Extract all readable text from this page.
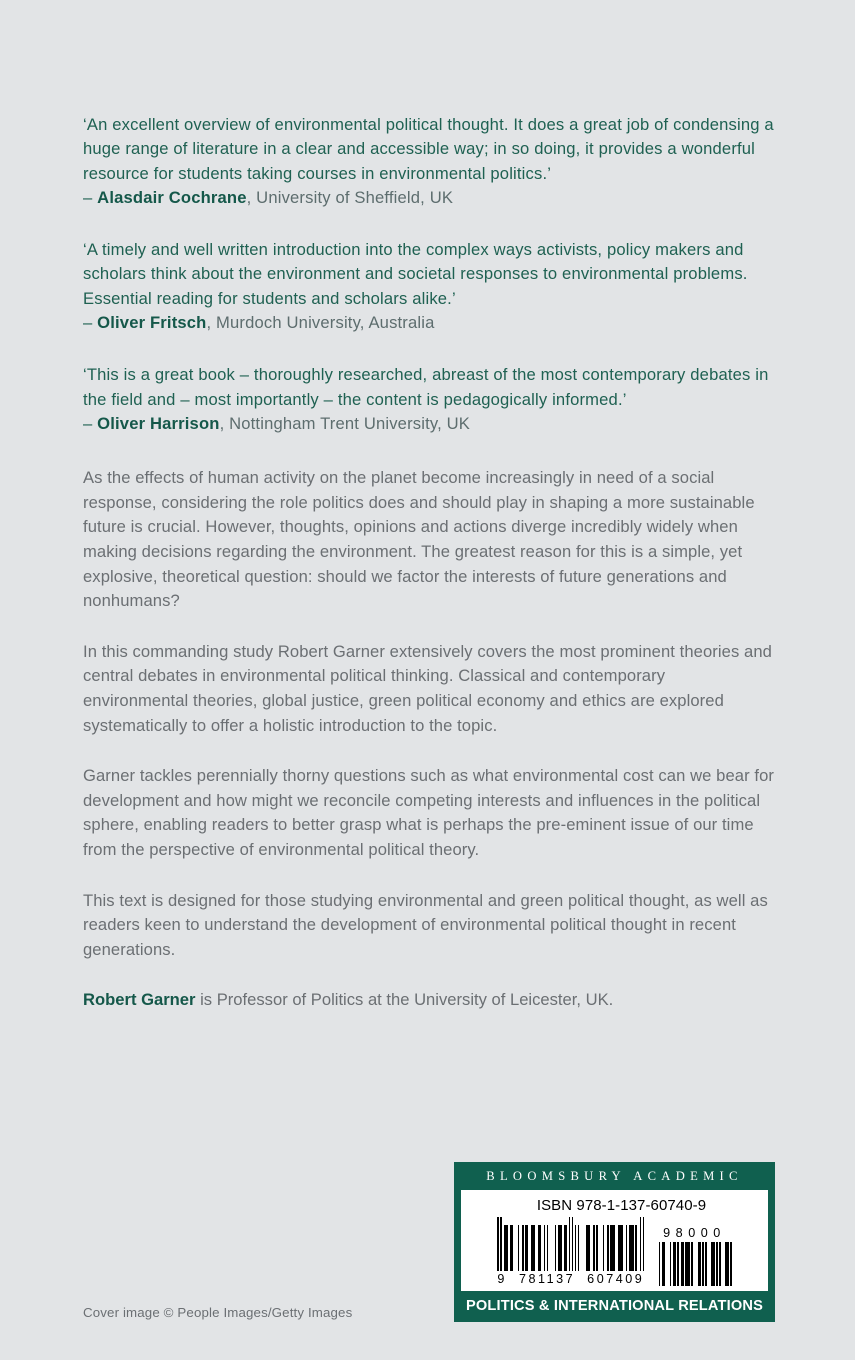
‘An excellent overview of environmental political thought. It does a great job of condensing a huge range of literature in a clear and accessible way; in so doing, it provides a wonderful resource for students taking courses in environmental politics.’
– Alasdair Cochrane, University of Sheffield, UK

‘A timely and well written introduction into the complex ways activists, policy makers and scholars think about the environment and societal responses to environmental problems. Essential reading for students and scholars alike.’
– Oliver Fritsch, Murdoch University, Australia

‘This is a great book – thoroughly researched, abreast of the most contemporary debates in the field and – most importantly – the content is pedagogically informed.’
– Oliver Harrison, Nottingham Trent University, UK

As the effects of human activity on the planet become increasingly in need of a social response, considering the role politics does and should play in shaping a more sustainable future is crucial. However, thoughts, opinions and actions diverge incredibly widely when making decisions regarding the environment. The greatest reason for this is a simple, yet explosive, theoretical question: should we factor the interests of future generations and nonhumans?

In this commanding study Robert Garner extensively covers the most prominent theories and central debates in environmental political thinking. Classical and contemporary environmental theories, global justice, green political economy and ethics are explored systematically to offer a holistic introduction to the topic.

Garner tackles perennially thorny questions such as what environmental cost can we bear for development and how might we reconcile competing interests and influences in the political sphere, enabling readers to better grasp what is perhaps the pre-eminent issue of our time from the perspective of environmental political theory.

This text is designed for those studying environmental and green political thought, as well as readers keen to understand the development of environmental political thought in recent generations.

Robert Garner is Professor of Politics at the University of Leicester, UK.

Cover image © People Images/Getty Images
BLOOMSBURY ACADEMIC
ISBN 978-1-137-60740-9
9 781137 607409
98000
POLITICS & INTERNATIONAL RELATIONS
